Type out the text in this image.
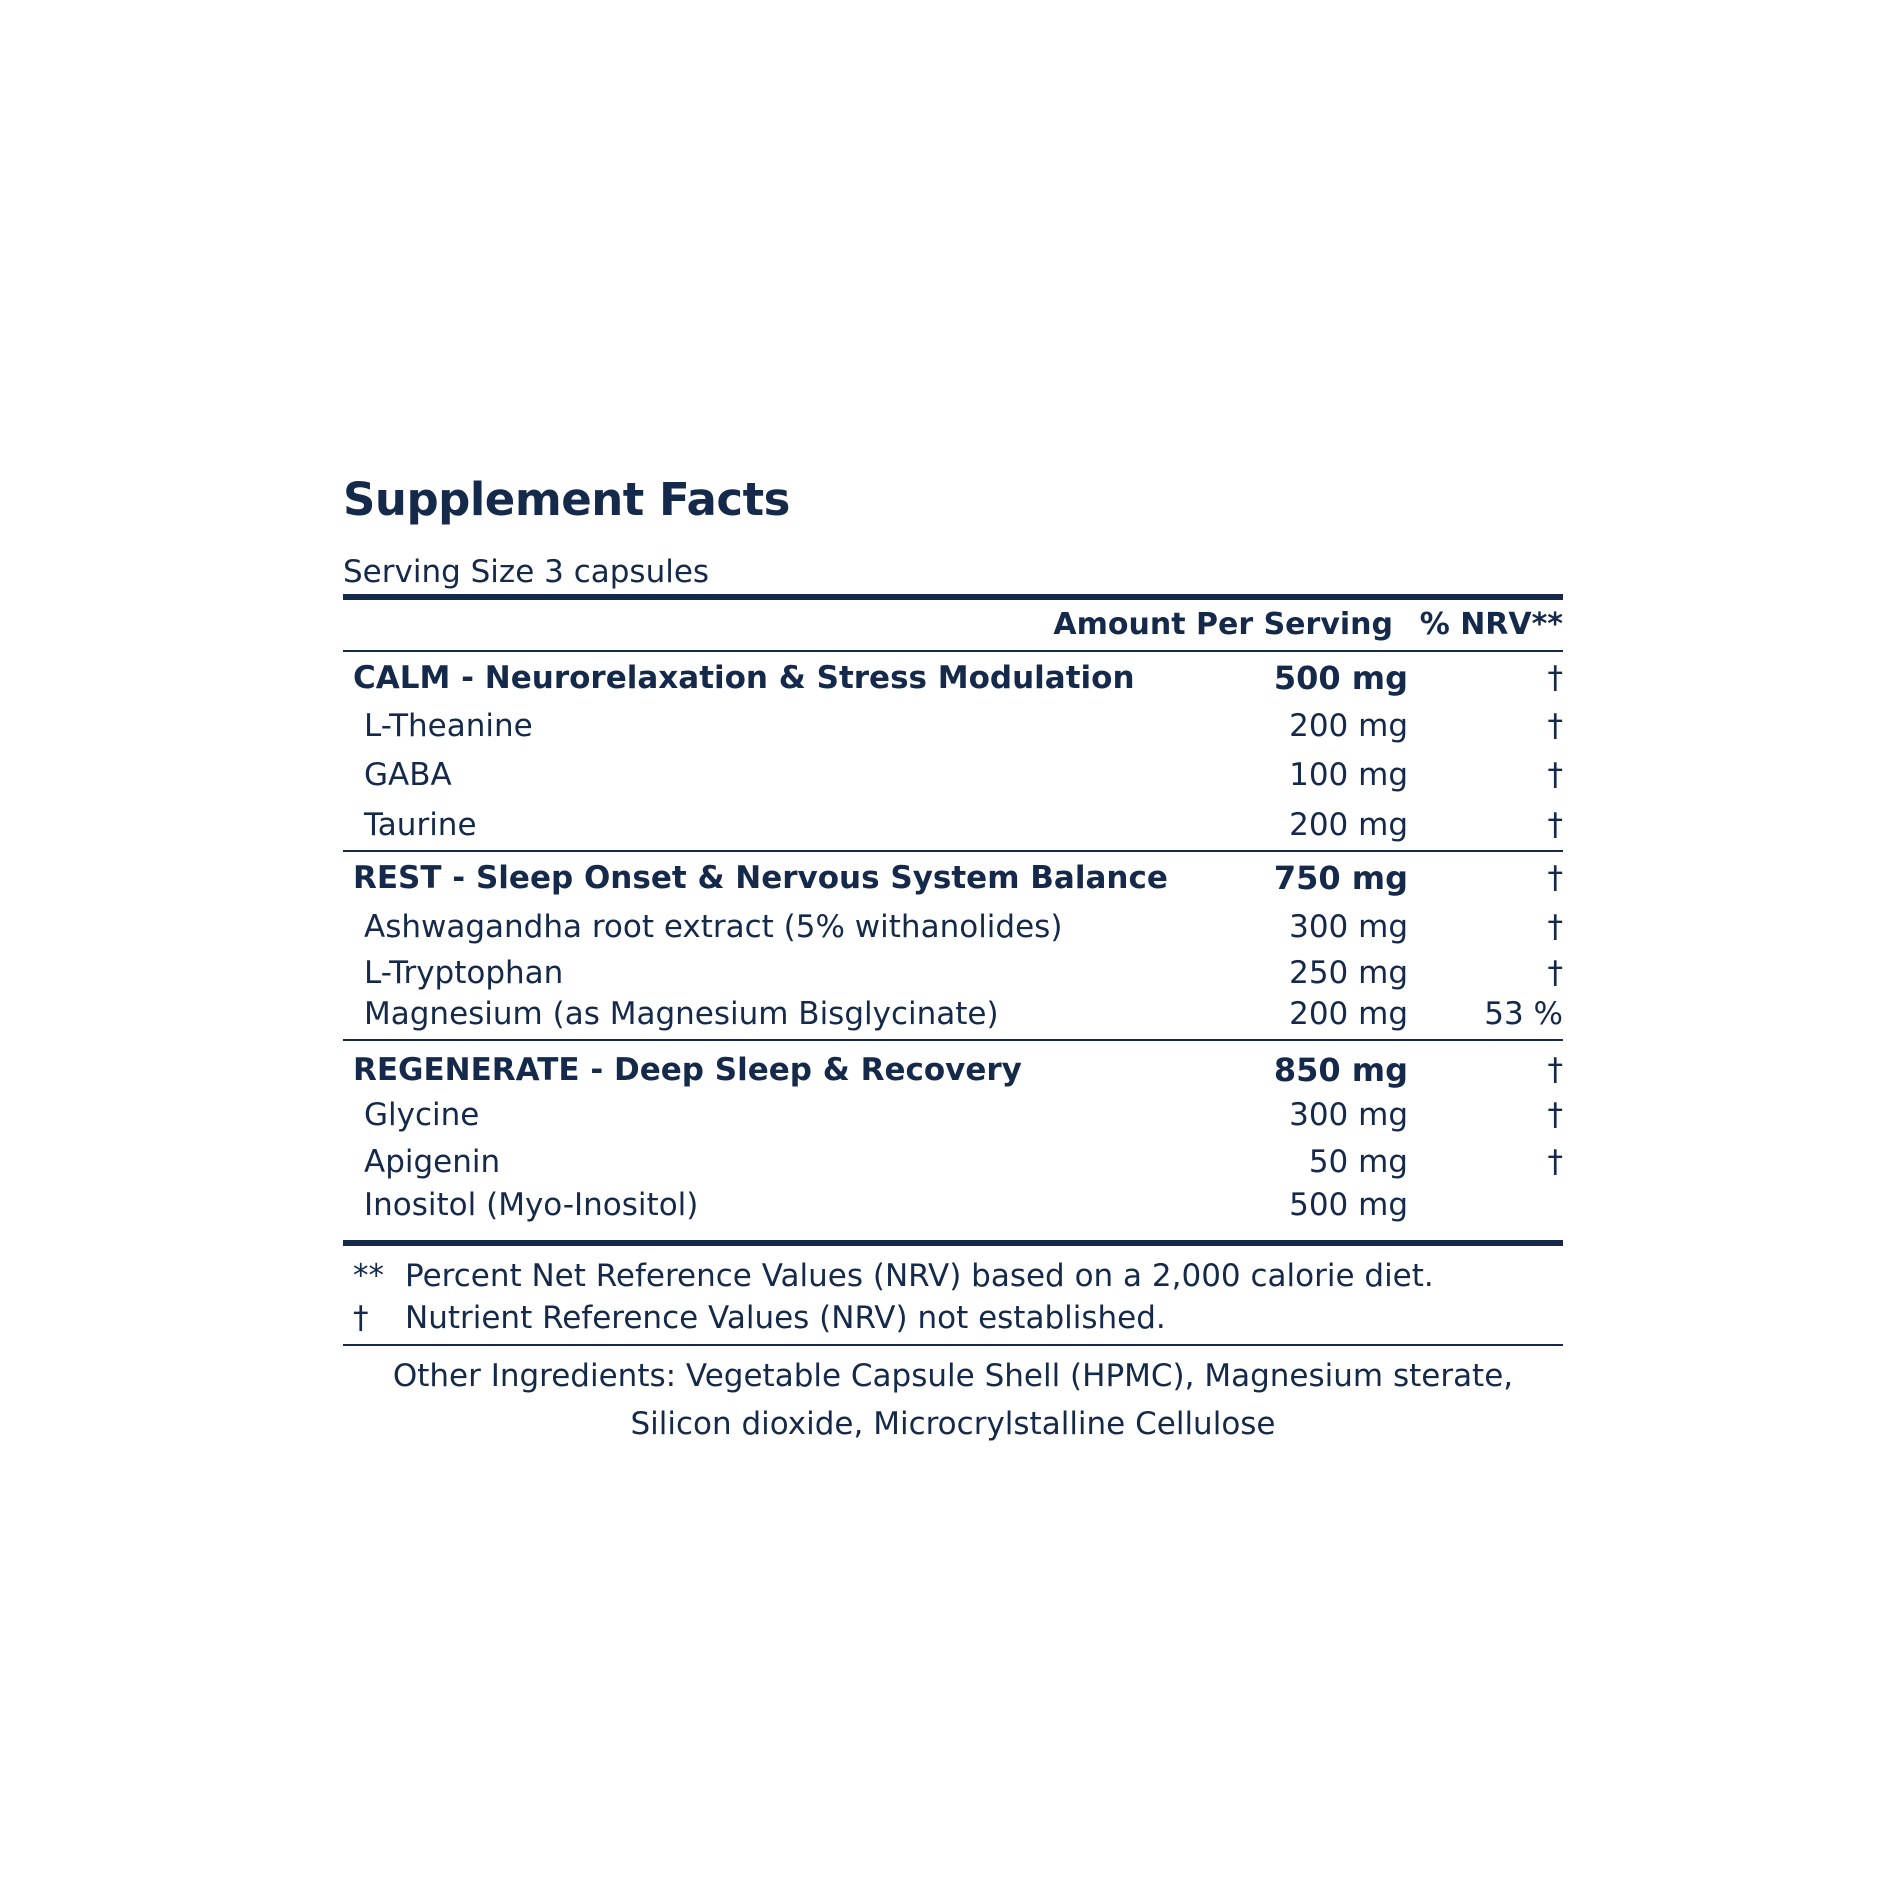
Supplement Facts
Serving Size 3 capsules
Amount Per Serving % NRV**
CALM - Neurorelaxation & Stress Modulation	500 mg	†
L-Theanine	200 mg	†
GABA	100 mg	†
Taurine	200 mg	†
REST - Sleep Onset & Nervous System Balance	750 mg	†
Ashwagandha root extract (5% withanolides)	300 mg	†
L-Tryptophan	250 mg	†
Magnesium (as Magnesium Bisglycinate)	200 mg 53 %
REGENERATE - Deep Sleep & Recovery	850 mg	†
Glycine	300 mg	†
Apigenin	50 mg	†
Inositol (Myo-Inositol)	500 mg
** Percent Net Reference Values (NRV) based on a 2,000 calorie diet.
† Nutrient Reference Values (NRV) not established.
Other Ingredients: Vegetable Capsule Shell (HPMC), Magnesium sterate,
Silicon dioxide, Microcrylstalline Cellulose
